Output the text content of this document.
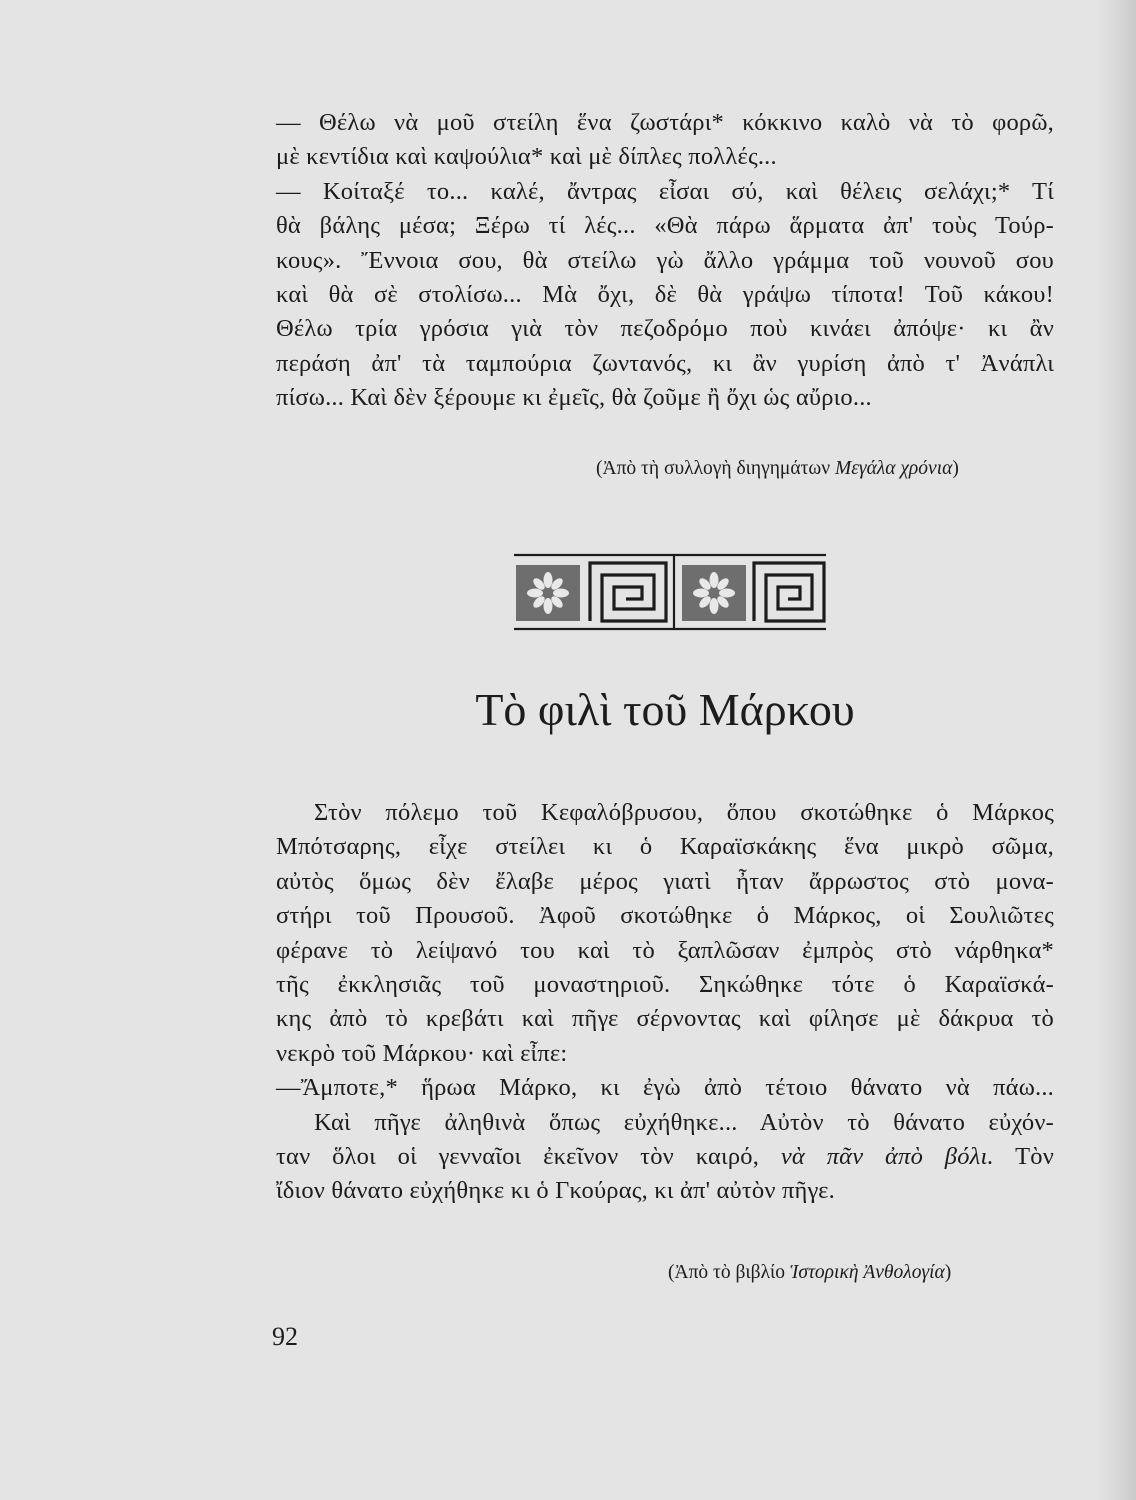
— Θέλω νὰ μοῦ στείλη ἕνα ζωστάρι* κόκκινο καλὸ νὰ τὸ φορῶ,
μὲ κεντίδια καὶ καψούλια* καὶ μὲ δίπλες πολλές...
— Κοίταξέ το... καλέ, ἄντρας εἶσαι σύ, καὶ θέλεις σελάχι;* Τί
θὰ βάλης μέσα; Ξέρω τί λές... «Θὰ πάρω ἅρματα ἀπ' τοὺς Τούρ-
κους». Ἔννοια σου, θὰ στείλω γὼ ἄλλο γράμμα τοῦ νουνοῦ σου
καὶ θὰ σὲ στολίσω... Μὰ ὄχι, δὲ θὰ γράψω τίποτα! Τοῦ κάκου!
Θέλω τρία γρόσια γιὰ τὸν πεζοδρόμο ποὺ κινάει ἀπόψε· κι ἂν
περάση ἀπ' τὰ ταμπούρια ζωντανός, κι ἂν γυρίση ἀπὸ τ' Ἀνάπλι
πίσω... Καὶ δὲν ξέρουμε κι ἐμεῖς, θὰ ζοῦμε ἢ ὄχι ὡς αὔριο...
(Ἀπὸ τὴ συλλογὴ διηγημάτων Μεγάλα χρόνια)
Τὸ φιλὶ τοῦ Μάρκου
Στὸν πόλεμο τοῦ Κεφαλόβρυσου, ὅπου σκοτώθηκε ὁ Μάρκος
Μπότσαρης, εἶχε στείλει κι ὁ Καραϊσκάκης ἕνα μικρὸ σῶμα,
αὐτὸς ὅμως δὲν ἔλαβε μέρος γιατὶ ἦταν ἄρρωστος στὸ μονα-
στήρι τοῦ Προυσοῦ. Ἀφοῦ σκοτώθηκε ὁ Μάρκος, οἱ Σουλιῶτες
φέρανε τὸ λείψανό του καὶ τὸ ξαπλῶσαν ἐμπρὸς στὸ νάρθηκα*
τῆς ἐκκλησιᾶς τοῦ μοναστηριοῦ. Σηκώθηκε τότε ὁ Καραϊσκά-
κης ἀπὸ τὸ κρεβάτι καὶ πῆγε σέρνοντας καὶ φίλησε μὲ δάκρυα τὸ
νεκρὸ τοῦ Μάρκου· καὶ εἶπε:
—Ἄμποτε,* ἥρωα Μάρκο, κι ἐγὼ ἀπὸ τέτοιο θάνατο νὰ πάω...
Καὶ πῆγε ἀληθινὰ ὅπως εὐχήθηκε... Αὐτὸν τὸ θάνατο εὐχόν-
ταν ὅλοι οἱ γενναῖοι ἐκεῖνον τὸν καιρό, νὰ πᾶν ἀπὸ βόλι. Τὸν
ἴδιον θάνατο εὐχήθηκε κι ὁ Γκούρας, κι ἀπ' αὐτὸν πῆγε.
(Ἀπὸ τὸ βιβλίο Ἱστορικὴ Ἀνθολογία)
92
